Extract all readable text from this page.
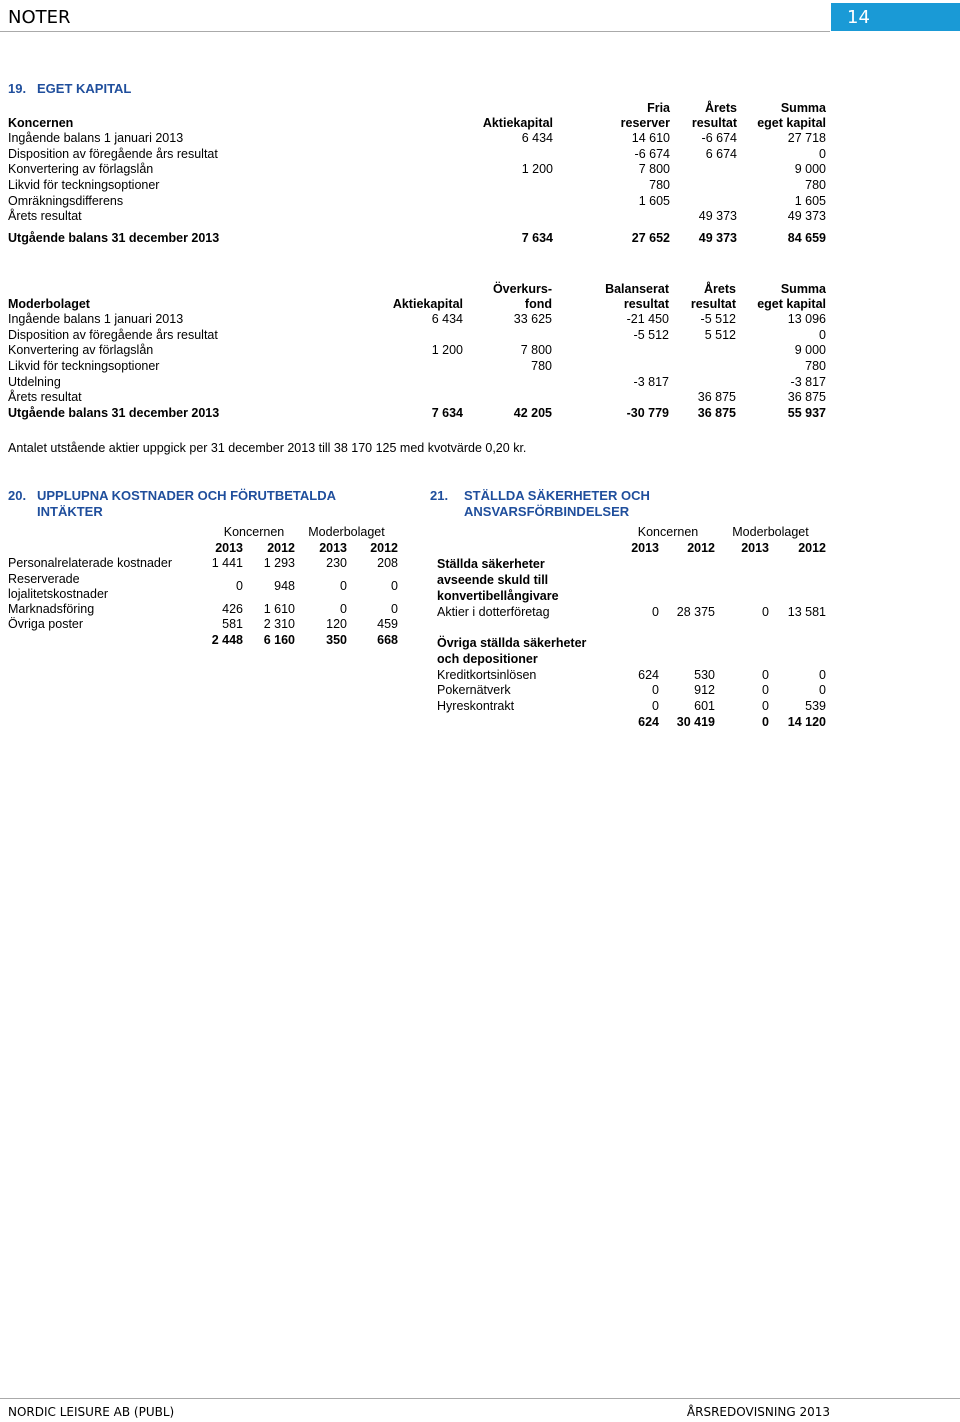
NOTER	14
19. EGET KAPITAL
		Fria	Årets	Summa
Koncernen	Aktiekapital	reserver	resultat	eget kapital
Ingående balans 1 januari 2013	6 434	14 610	-6 674	27 718
Disposition av föregående års resultat		-6 674	6 674	0
Konvertering av förlagslån	1 200	7 800		9 000
Likvid för teckningsoptioner		780		780
Omräkningsdifferens		1 605		1 605
Årets resultat			49 373	49 373
Utgående balans 31 december 2013	7 634	27 652	49 373	84 659
		Överkurs-	Balanserat	Årets	Summa
Moderbolaget	Aktiekapital	fond	resultat	resultat	eget kapital
Ingående balans 1 januari 2013	6 434	33 625	-21 450	-5 512	13 096
Disposition av föregående års resultat			-5 512	5 512	0
Konvertering av förlagslån	1 200	7 800			9 000
Likvid för teckningsoptioner		780			780
Utdelning			-3 817		-3 817
Årets resultat				36 875	36 875
Utgående balans 31 december 2013	7 634	42 205	-30 779	36 875	55 937
Antalet utstående aktier uppgick per 31 december 2013 till 38 170 125 med kvotvärde 0,20 kr.
20. UPPLUPNA KOSTNADER OCH FÖRUTBETALDA
INTÄKTER
	Koncernen		Moderbolaget	
	2013	2012	2013	2012
Personalrelaterade kostnader	1 441	1 293	230	208
Reserverade
lojalitetskostnader	0	948	0	0
Marknadsföring	426	1 610	0	0
Övriga poster	581	2 310	120	459
	2 448	6 160	350	668
21. STÄLLDA SÄKERHETER OCH
ANSVARSFÖRBINDELSER
	Koncernen		Moderbolaget	
	2013	2012	2013	2012
Ställda säkerheter
avseende skuld till
konvertibellångivare				
Aktier i dotterföretag	0	28 375	0	13 581
Övriga ställda säkerheter
och depositioner				
Kreditkortsinlösen	624	530	0	0
Pokernätverk	0	912	0	0
Hyreskontrakt	0	601	0	539
	624	30 419	0	14 120
NORDIC LEISURE AB (PUBL)	ÅRSREDOVISNING 2013
